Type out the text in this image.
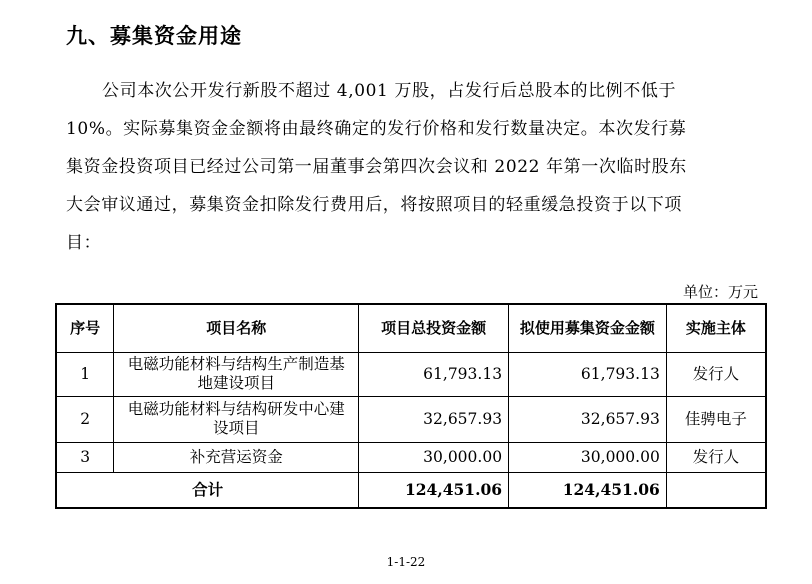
九、募集资金用途
公司本次公开发行新股不超过 4,001 万股，占发行后总股本的比例不低于
10%。实际募集资金金额将由最终确定的发行价格和发行数量决定。本次发行募
集资金投资项目已经过公司第一届董事会第四次会议和 2022 年第一次临时股东
大会审议通过，募集资金扣除发行费用后，将按照项目的轻重缓急投资于以下项
目：
单位：万元
序号	项目名称	项目总投资金额	拟使用募集资金金额	实施主体
1	电磁功能材料与结构生产制造基地建设项目	61,793.13	61,793.13	发行人
2	电磁功能材料与结构研发中心建设项目	32,657.93	32,657.93	佳骋电子
3	补充营运资金	30,000.00	30,000.00	发行人
合计		124,451.06	124,451.06	
1-1-22
